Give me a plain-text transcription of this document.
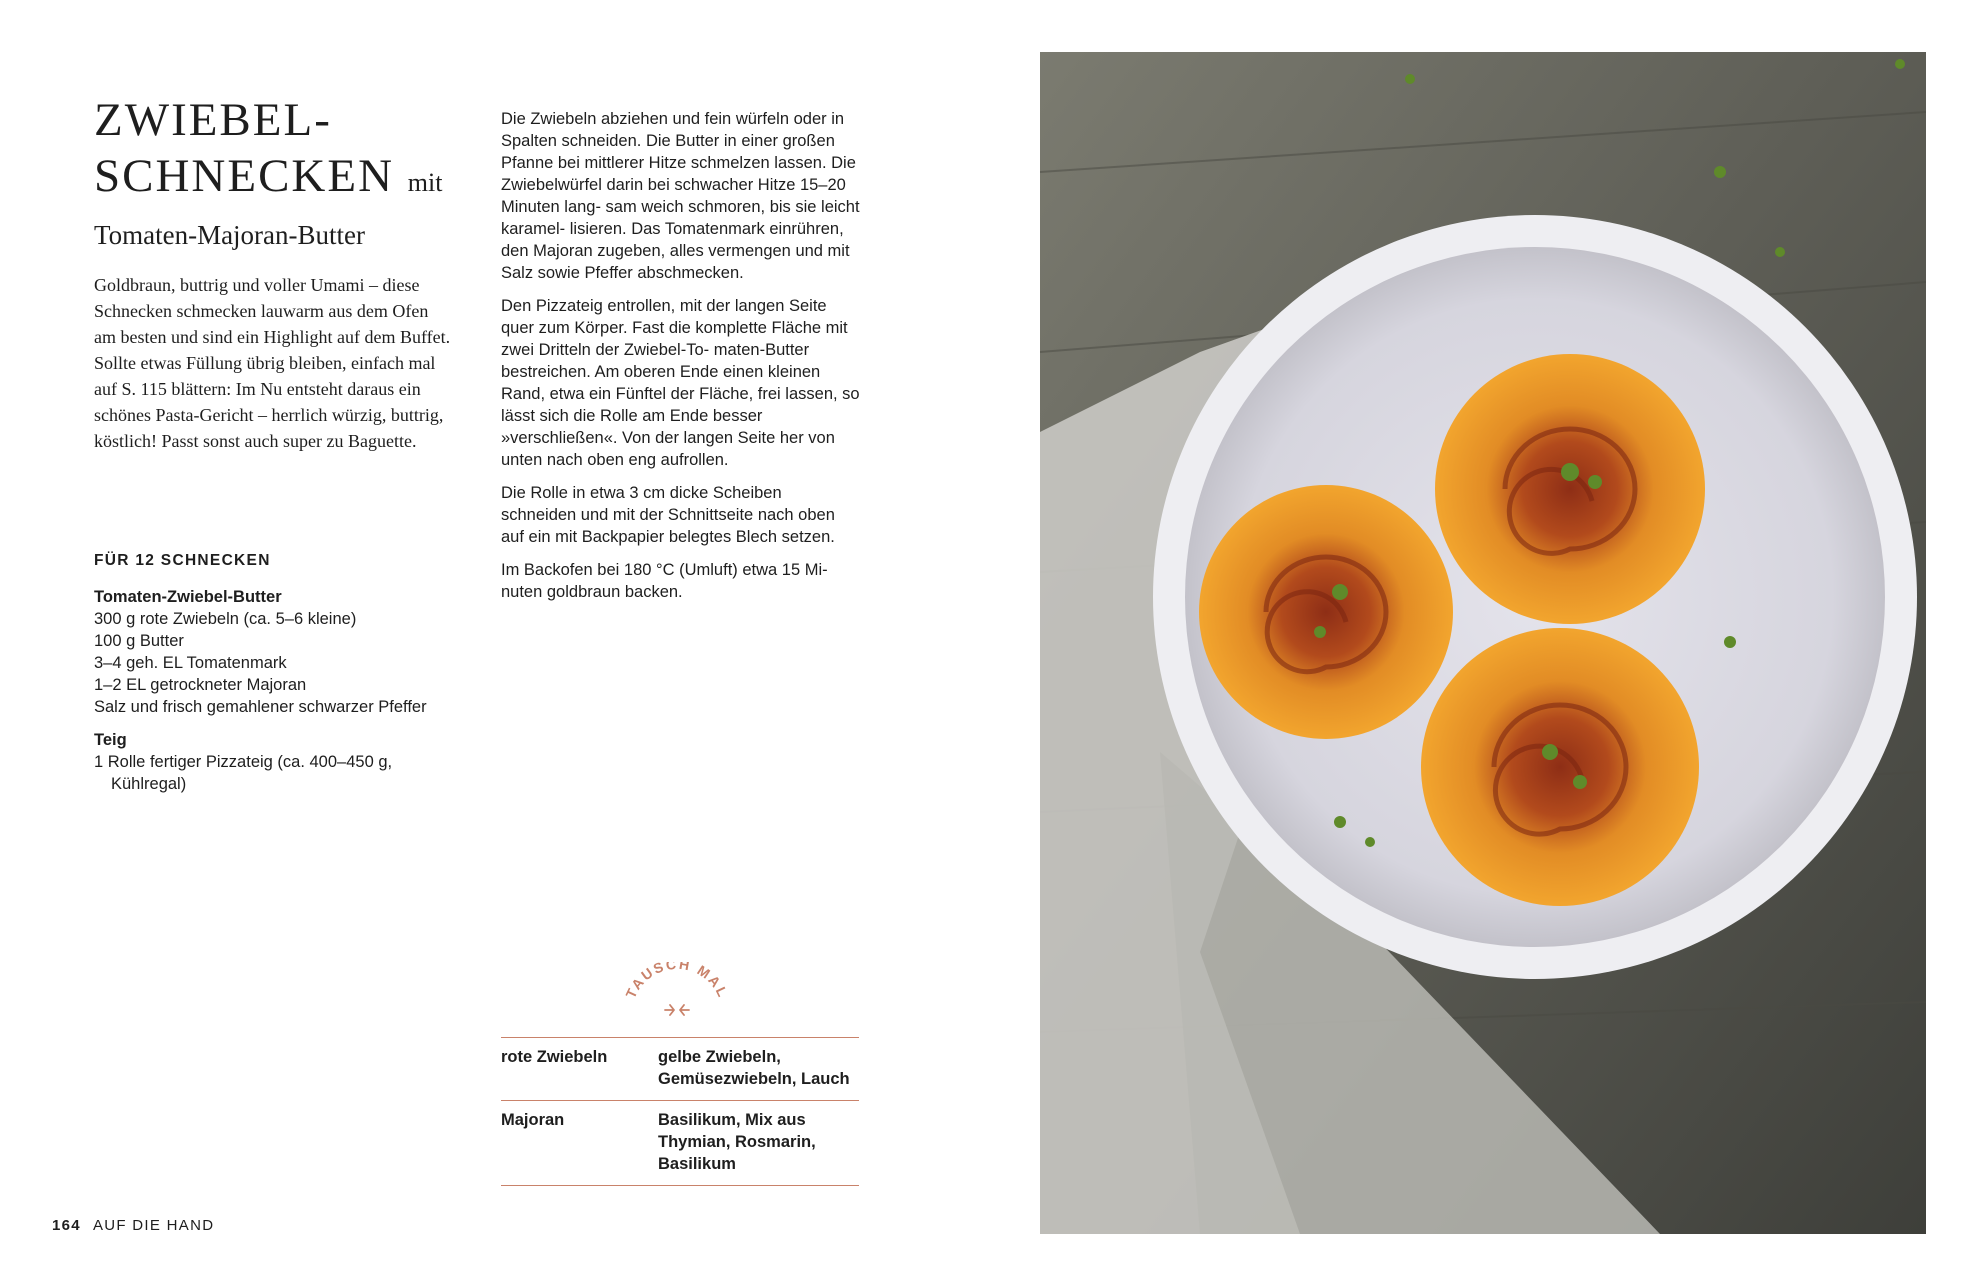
ZWIEBEL-
SCHNECKEN mit
Tomaten-Majoran-Butter

Goldbraun, buttrig und voller Umami – diese Schnecken schmecken lauwarm aus dem Ofen am besten und sind ein Highlight auf dem Buffet. Sollte etwas Füllung übrig bleiben, einfach mal auf S. 115 blättern: Im Nu entsteht daraus ein schönes Pasta-Gericht – herrlich würzig, buttrig, köstlich! Passt sonst auch super zu Baguette.

FÜR 12 SCHNECKEN

Tomaten-Zwiebel-Butter

300 g rote Zwiebeln (ca. 5–6 kleine)

100 g Butter

3–4 geh. EL Tomatenmark

1–2 EL getrockneter Majoran

Salz und frisch gemahlener schwarzer Pfeffer

Teig

1 Rolle fertiger Pizzateig (ca. 400–450 g, Kühlregal)

Die Zwiebeln abziehen und fein würfeln oder in Spalten schneiden. Die Butter in einer großen Pfanne bei mittlerer Hitze schmelzen lassen. Die Zwiebelwürfel darin bei schwacher Hitze 15–20 Minuten lang- sam weich schmoren, bis sie leicht karamel- lisieren. Das Tomatenmark einrühren, den Majoran zugeben, alles vermengen und mit Salz sowie Pfeffer abschmecken.

Den Pizzateig entrollen, mit der langen Seite quer zum Körper. Fast die komplette Fläche mit zwei Dritteln der Zwiebel-To- maten-Butter bestreichen. Am oberen Ende einen kleinen Rand, etwa ein Fünftel der Fläche, frei lassen, so lässt sich die Rolle am Ende besser »verschließen«. Von der langen Seite her von unten nach oben eng aufrollen.

Die Rolle in etwa 3 cm dicke Scheiben schneiden und mit der Schnittseite nach oben auf ein mit Backpapier belegtes Blech setzen.

Im Backofen bei 180 °C (Umluft) etwa 15 Mi- nuten goldbraun backen.

TAUSCH MAL
rote Zwiebeln	gelbe Zwiebeln, Gemüsezwiebeln, Lauch
Majoran	Basilikum, Mix aus Thymian, Rosmarin, Basilikum
164 AUF DIE HAND
